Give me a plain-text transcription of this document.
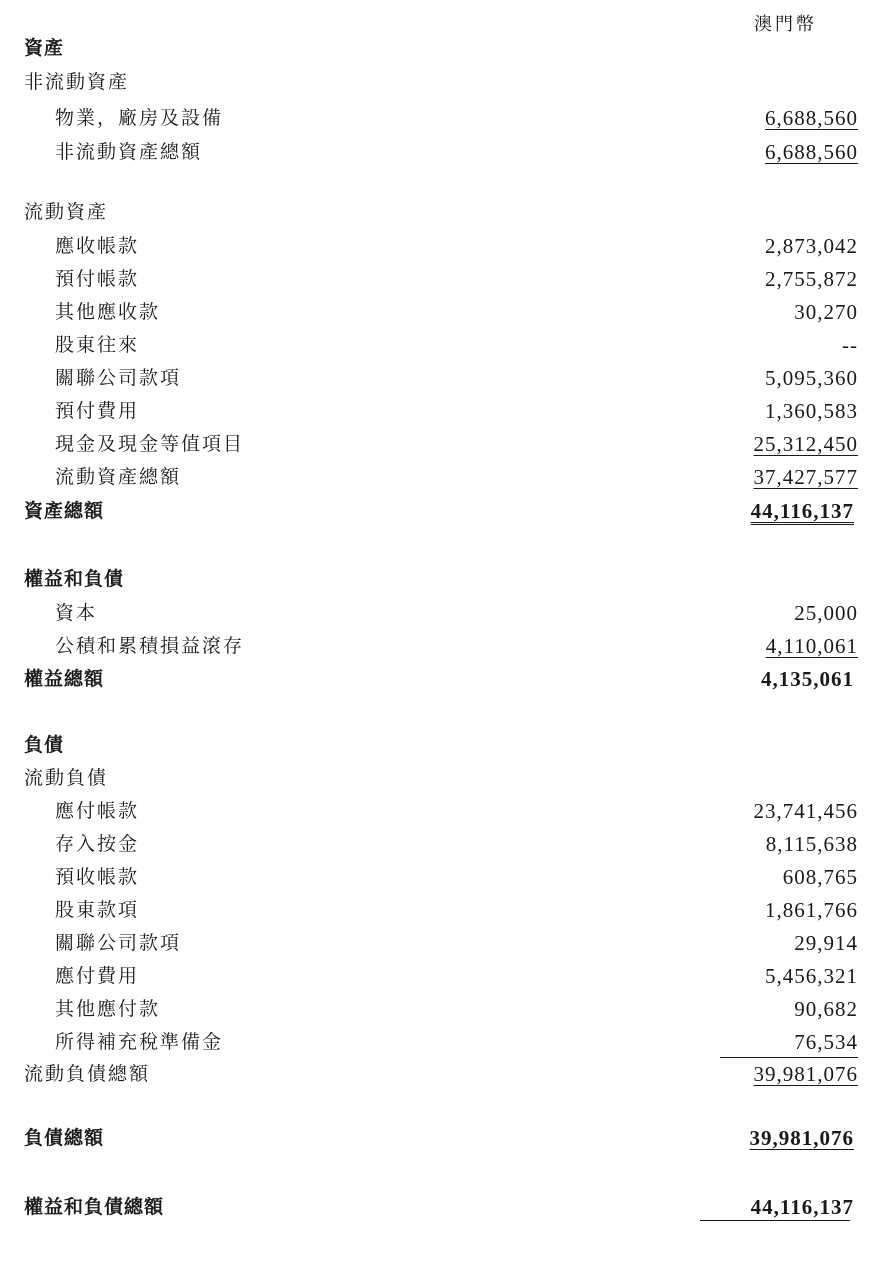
澳門幣
資產
非流動資產
物業，廠房及設備	6,688,560
非流動資產總額	6,688,560
流動資產
應收帳款	2,873,042
預付帳款	2,755,872
其他應收款	30,270
股東往來	--
關聯公司款項	5,095,360
預付費用	1,360,583
現金及現金等值項目	25,312,450
流動資產總額	37,427,577
資產總額	44,116,137
權益和負債
資本	25,000
公積和累積損益滾存	4,110,061
權益總額	4,135,061
負債
流動負債
應付帳款	23,741,456
存入按金	8,115,638
預收帳款	608,765
股東款項	1,861,766
關聯公司款項	29,914
應付費用	5,456,321
其他應付款	90,682
所得補充稅準備金	76,534
流動負債總額	39,981,076
負債總額	39,981,076
權益和負債總額	44,116,137
